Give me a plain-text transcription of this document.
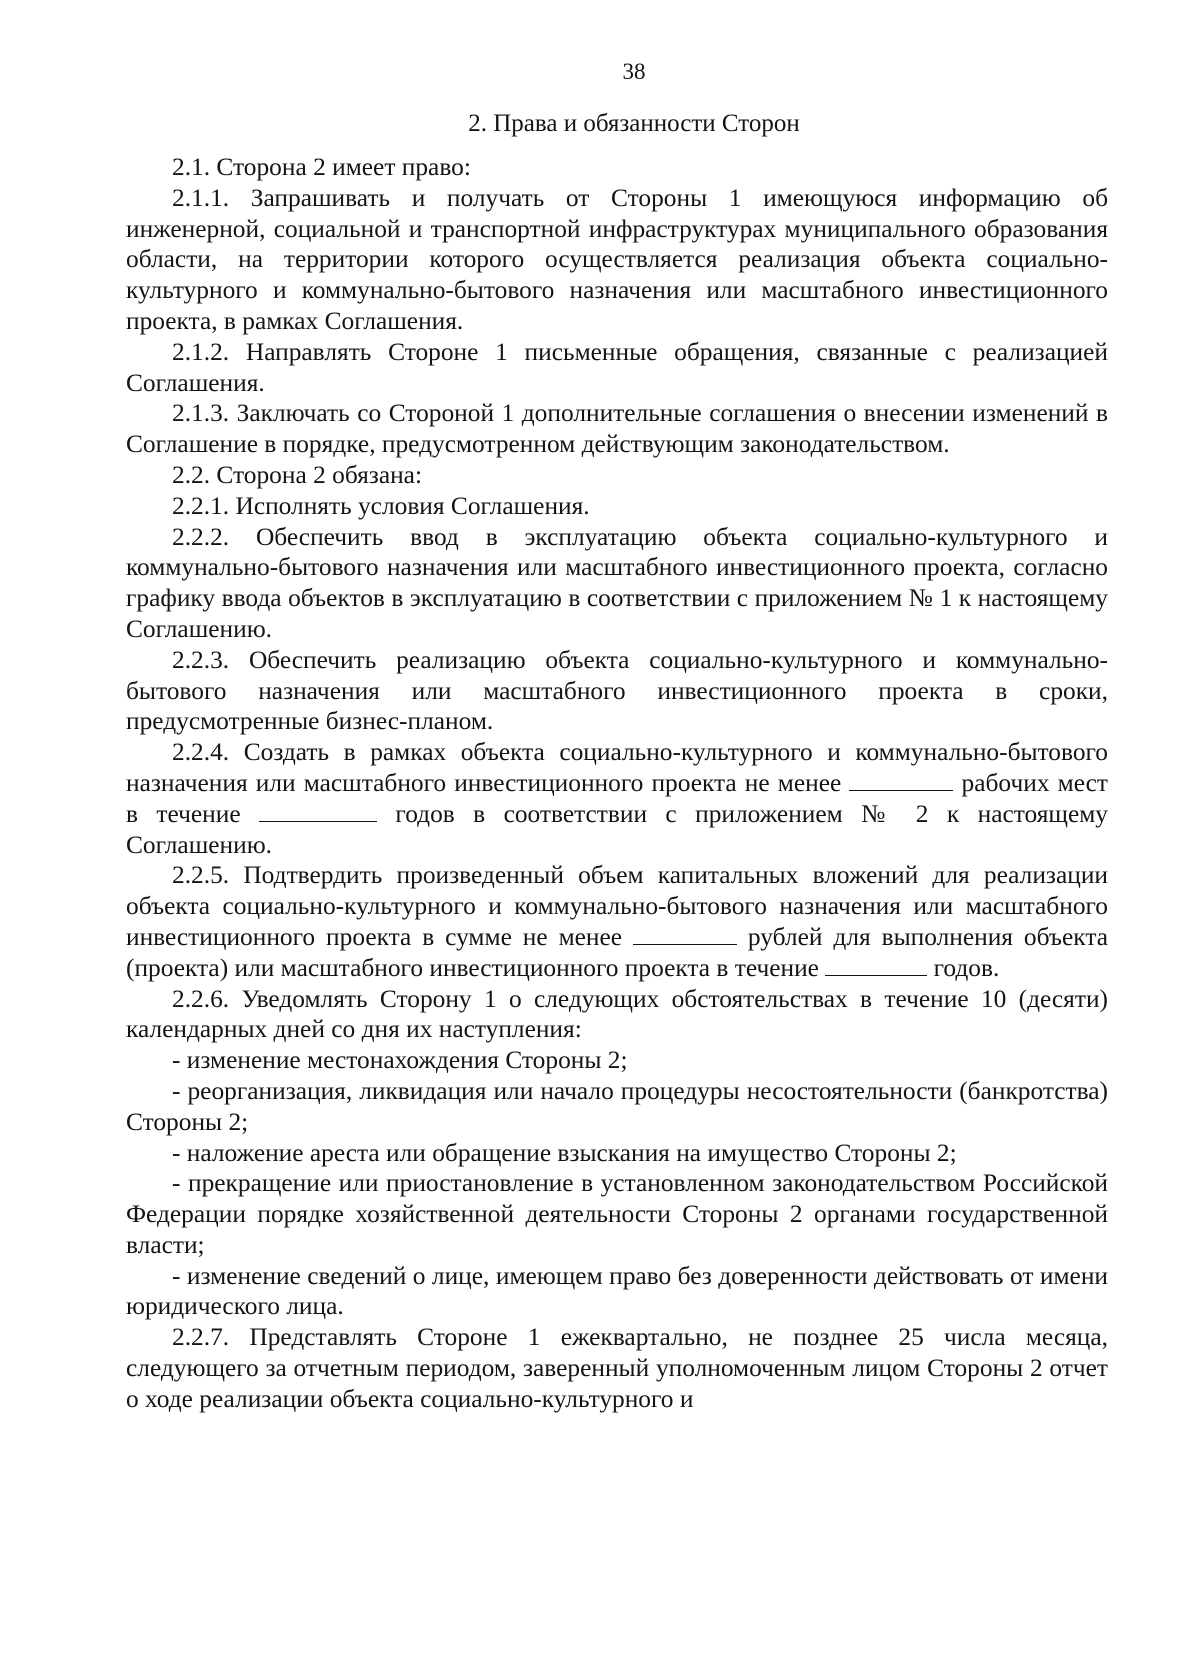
38
2. Права и обязанности Сторон

2.1. Сторона 2 имеет право:

2.1.1. Запрашивать и получать от Стороны 1 имеющуюся информацию об инженерной, социальной и транспортной инфраструктурах муниципального образования области, на территории которого осуществляется реализация объекта социально-культурного и коммунально-бытового назначения или масштабного инвестиционного проекта, в рамках Соглашения.

2.1.2. Направлять Стороне 1 письменные обращения, связанные с реализацией Соглашения.

2.1.3. Заключать со Стороной 1 дополнительные соглашения о внесении изменений в Соглашение в порядке, предусмотренном действующим законодательством.

2.2. Сторона 2 обязана:

2.2.1. Исполнять условия Соглашения.

2.2.2. Обеспечить ввод в эксплуатацию объекта социально-культурного и коммунально-бытового назначения или масштабного инвестиционного проекта, согласно графику ввода объектов в эксплуатацию в соответствии с приложением № 1 к настоящему Соглашению.

2.2.3. Обеспечить реализацию объекта социально-культурного и коммунально-бытового назначения или масштабного инвестиционного проекта в сроки, предусмотренные бизнес-планом.

2.2.4. Создать в рамках объекта социально-культурного и коммунально-бытового назначения или масштабного инвестиционного проекта не менее	рабочих мест в течение	годов в соответствии с приложением № 2 к настоящему Соглашению.

2.2.5. Подтвердить произведенный объем капитальных вложений для реализации объекта социально-культурного и коммунально-бытового назначения или масштабного инвестиционного проекта в сумме не менее	рублей для выполнения объекта (проекта) или масштабного инвестиционного проекта в течение	годов.

2.2.6. Уведомлять Сторону 1 о следующих обстоятельствах в течение 10 (десяти) календарных дней со дня их наступления:

- изменение местонахождения Стороны 2;

- реорганизация, ликвидация или начало процедуры несостоятельности (банкротства) Стороны 2;

- наложение ареста или обращение взыскания на имущество Стороны 2;

- прекращение или приостановление в установленном законодательством Российской Федерации порядке хозяйственной деятельности Стороны 2 органами государственной власти;

- изменение сведений о лице, имеющем право без доверенности действовать от имени юридического лица.

2.2.7. Представлять Стороне 1 ежеквартально, не позднее 25 числа месяца, следующего за отчетным периодом, заверенный уполномоченным лицом Стороны 2 отчет о ходе реализации объекта социально-культурного и
